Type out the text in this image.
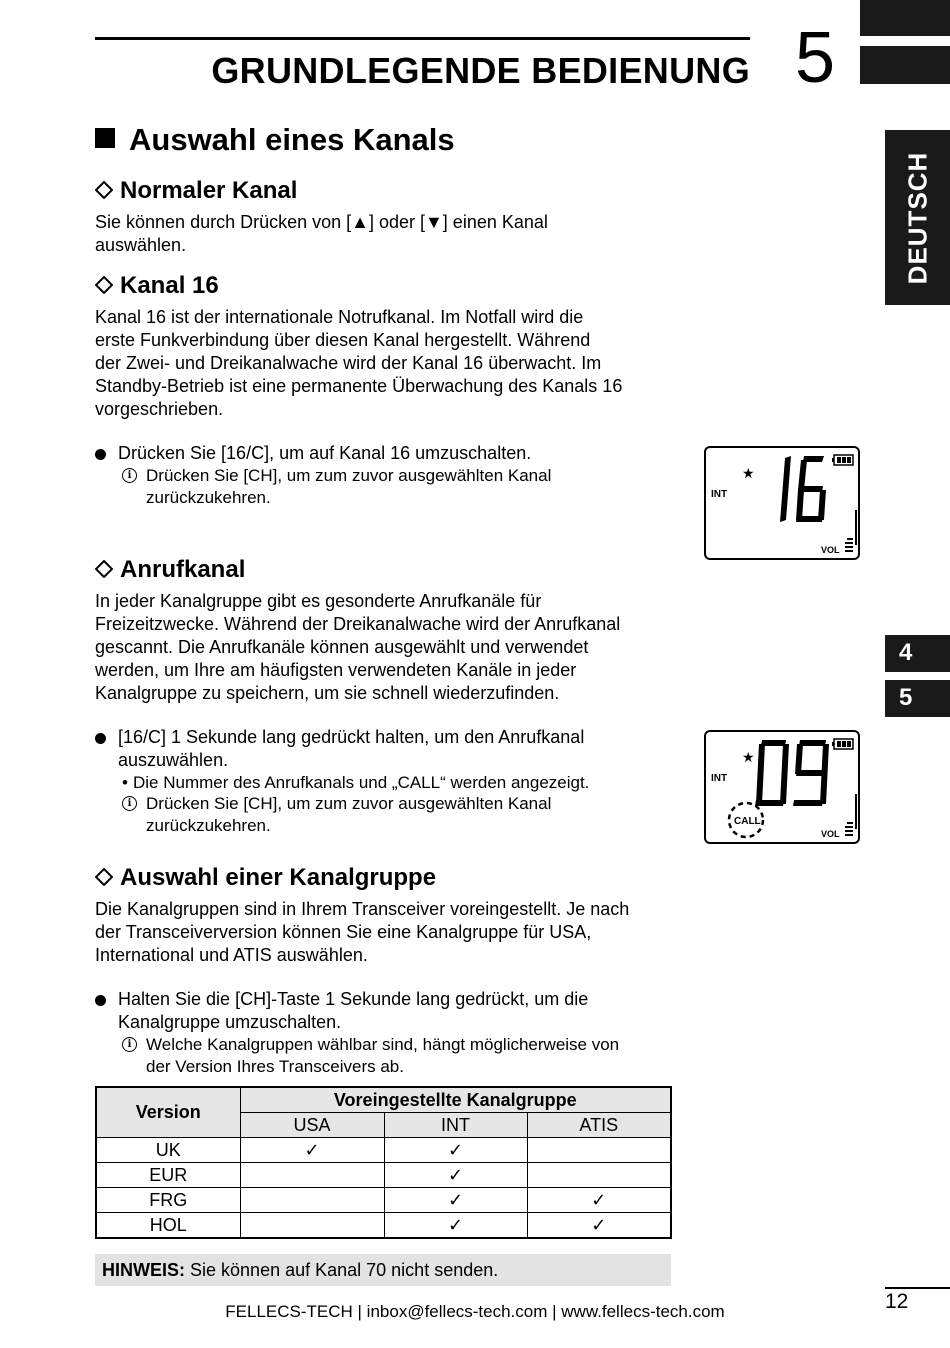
GRUNDLEGENDE BEDIENUNG 5
DEUTSCH
4
5
Auswahl eines Kanals
Normaler Kanal
Sie können durch Drücken von [▲] oder [▼] einen Kanal
auswählen.
Kanal 16
Kanal 16 ist der internationale Notrufkanal. Im Notfall wird die
erste Funkverbindung über diesen Kanal hergestellt. Während
der Zwei- und Dreikanalwache wird der Kanal 16 überwacht. Im
Standby-Betrieb ist eine permanente Überwachung des Kanals 16
vorgeschrieben.
Drücken Sie [16/C], um auf Kanal 16 umzuschalten.
i Drücken Sie [CH], um zum zuvor ausgewählten Kanal
zurückzukehren.	INT
★
VOL
Anrufkanal
In jeder Kanalgruppe gibt es gesonderte Anrufkanäle für
Freizeitzwecke. Während der Dreikanalwache wird der Anrufkanal
gescannt. Die Anrufkanäle können ausgewählt und verwendet
werden, um Ihre am häufigsten verwendeten Kanäle in jeder
Kanalgruppe zu speichern, um sie schnell wiederzufinden.
[16/C] 1 Sekunde lang gedrückt halten, um den Anrufkanal
auszuwählen.
• Die Nummer des Anrufkanals und „CALL“ werden angezeigt.
i Drücken Sie [CH], um zum zuvor ausgewählten Kanal
zurückzukehren.
INT
★
CALL
VOL
Auswahl einer Kanalgruppe
Die Kanalgruppen sind in Ihrem Transceiver voreingestellt. Je nach
der Transceiverversion können Sie eine Kanalgruppe für USA,
International und ATIS auswählen.
Halten Sie die [CH]-Taste 1 Sekunde lang gedrückt, um die
Kanalgruppe umzuschalten.
i Welche Kanalgruppen wählbar sind, hängt möglicherweise von
der Version Ihres Transceivers ab.
Version	Voreingestellte Kanalgruppe		
	USA	INT	ATIS
UK	✓	✓	
EUR		✓	
FRG		✓	✓
HOL		✓	✓
HINWEIS: Sie können auf Kanal 70 nicht senden.
FELLECS-TECH | inbox@fellecs-tech.com | www.fellecs-tech.com	12
